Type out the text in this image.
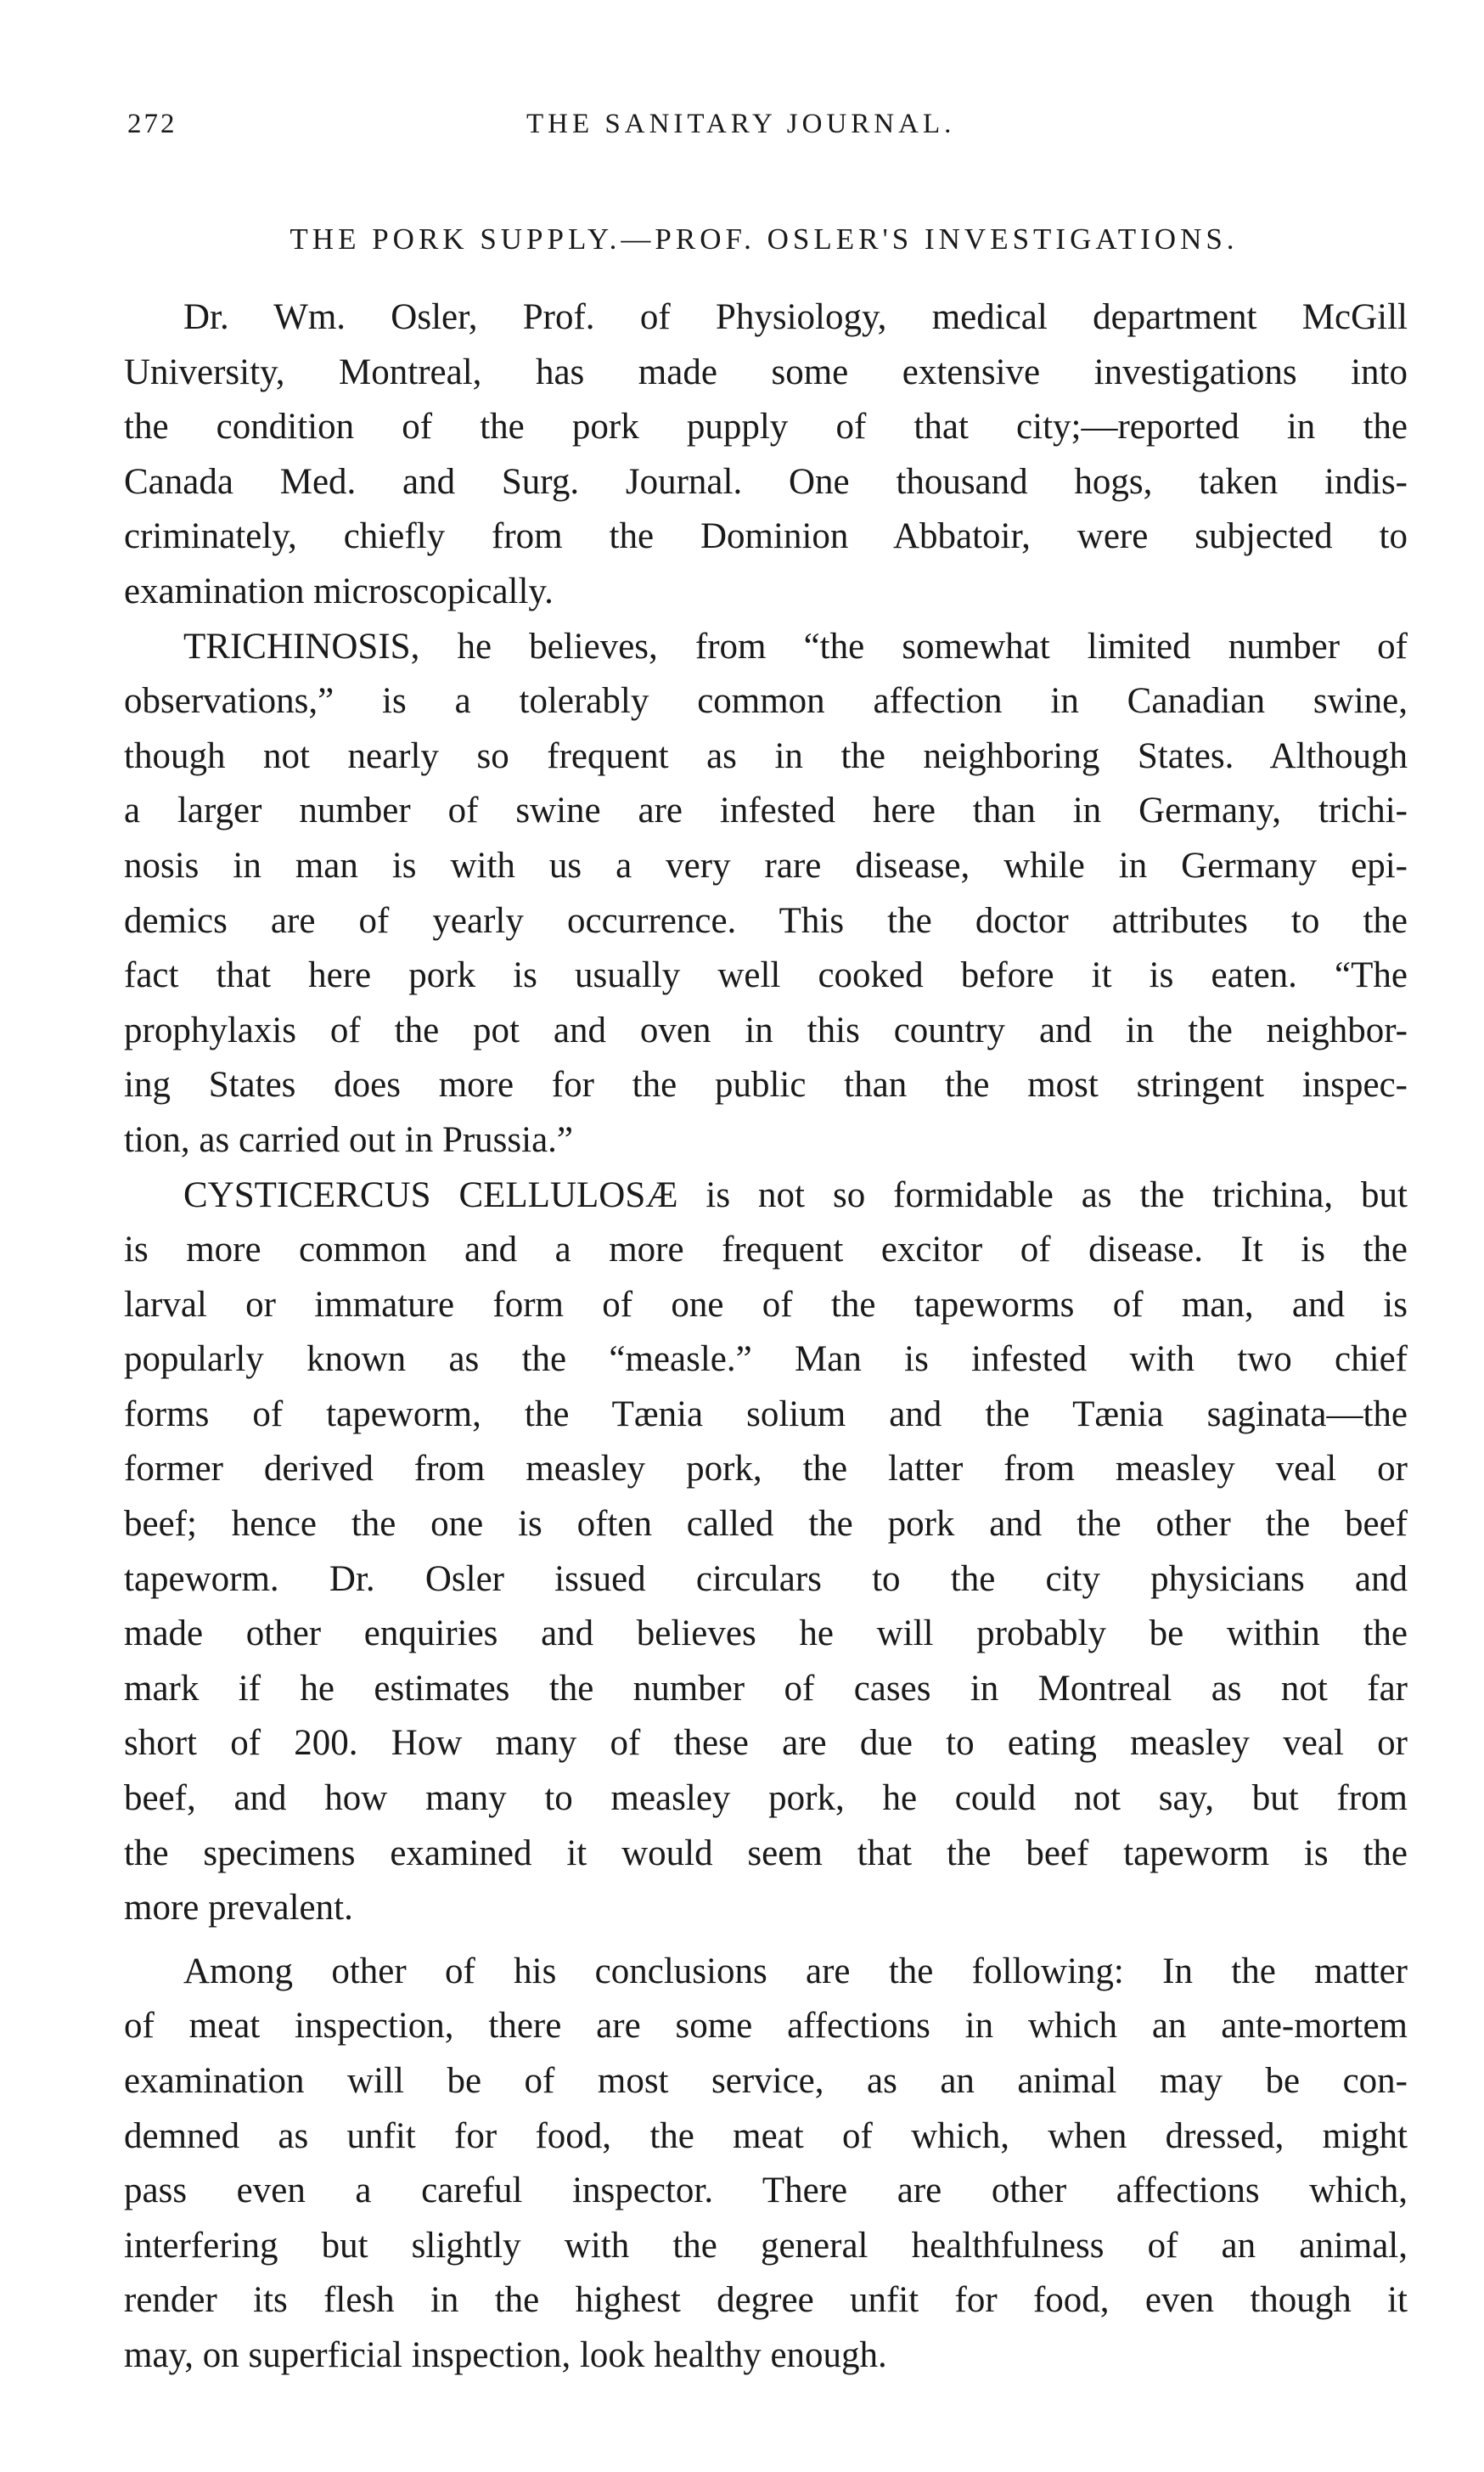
272	THE SANITARY JOURNAL.
THE PORK SUPPLY.—PROF. OSLER'S INVESTIGATIONS.
Dr. Wm. Osler, Prof. of Physiology, medical department McGill
University, Montreal, has made some extensive investigations into
the condition of the pork pupply of that city;—reported in the
Canada Med. and Surg. Journal. One thousand hogs, taken indis-
criminately, chiefly from the Dominion Abbatoir, were subjected to
examination microscopically.
TRICHINOSIS, he believes, from “the somewhat limited number of
observations,” is a tolerably common affection in Canadian swine,
though not nearly so frequent as in the neighboring States. Although
a larger number of swine are infested here than in Germany, trichi-
nosis in man is with us a very rare disease, while in Germany epi-
demics are of yearly occurrence. This the doctor attributes to the
fact that here pork is usually well cooked before it is eaten. “The
prophylaxis of the pot and oven in this country and in the neighbor-
ing States does more for the public than the most stringent inspec-
tion, as carried out in Prussia.”
CYSTICERCUS CELLULOSÆ is not so formidable as the trichina, but
is more common and a more frequent excitor of disease. It is the
larval or immature form of one of the tapeworms of man, and is
popularly known as the “measle.” Man is infested with two chief
forms of tapeworm, the Tænia solium and the Tænia saginata—the
former derived from measley pork, the latter from measley veal or
beef; hence the one is often called the pork and the other the beef
tapeworm. Dr. Osler issued circulars to the city physicians and
made other enquiries and believes he will probably be within the
mark if he estimates the number of cases in Montreal as not far
short of 200. How many of these are due to eating measley veal or
beef, and how many to measley pork, he could not say, but from
the specimens examined it would seem that the beef tapeworm is the
more prevalent.
Among other of his conclusions are the following: In the matter
of meat inspection, there are some affections in which an ante-mortem
examination will be of most service, as an animal may be con-
demned as unfit for food, the meat of which, when dressed, might
pass even a careful inspector. There are other affections which,
interfering but slightly with the general healthfulness of an animal,
render its flesh in the highest degree unfit for food, even though it
may, on superficial inspection, look healthy enough.
